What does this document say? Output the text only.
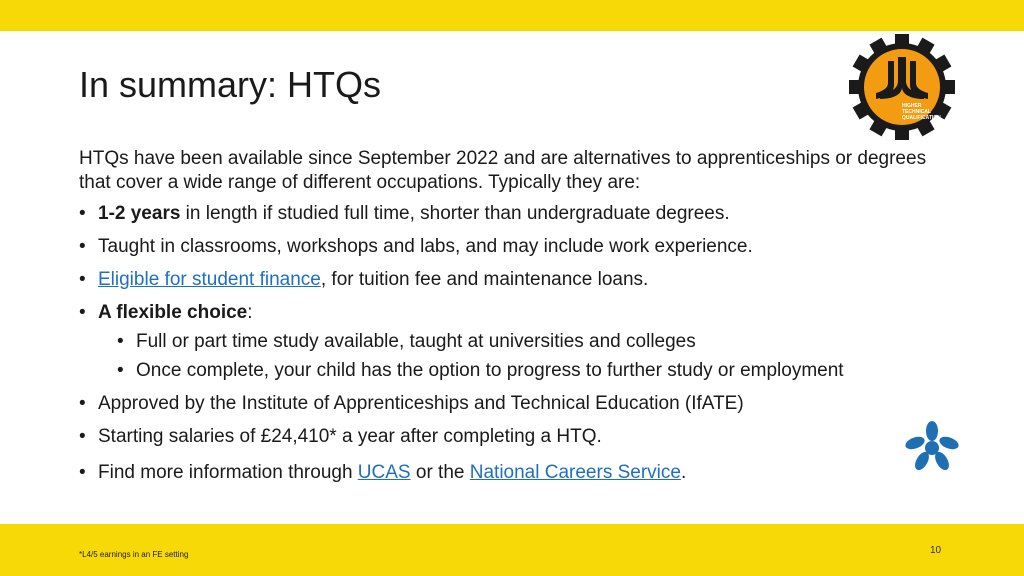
In summary: HTQs
HIGHER
TECHNICAL
QUALIFICATION
HTQs have been available since September 2022 and are alternatives to apprenticeships or degrees that cover a wide range of different occupations. Typically they are:
• 1-2 years in length if studied full time, shorter than undergraduate degrees.
• Taught in classrooms, workshops and labs, and may include work experience.
• Eligible for student finance, for tuition fee and maintenance loans.
• A flexible choice:
• Full or part time study available, taught at universities and colleges
• Once complete, your child has the option to progress to further study or employment
• Approved by the Institute of Apprenticeships and Technical Education (IfATE)
• Starting salaries of £24,410* a year after completing a HTQ.
• Find more information through UCAS or the National Careers Service.
10
*L4/5 earnings in an FE setting
